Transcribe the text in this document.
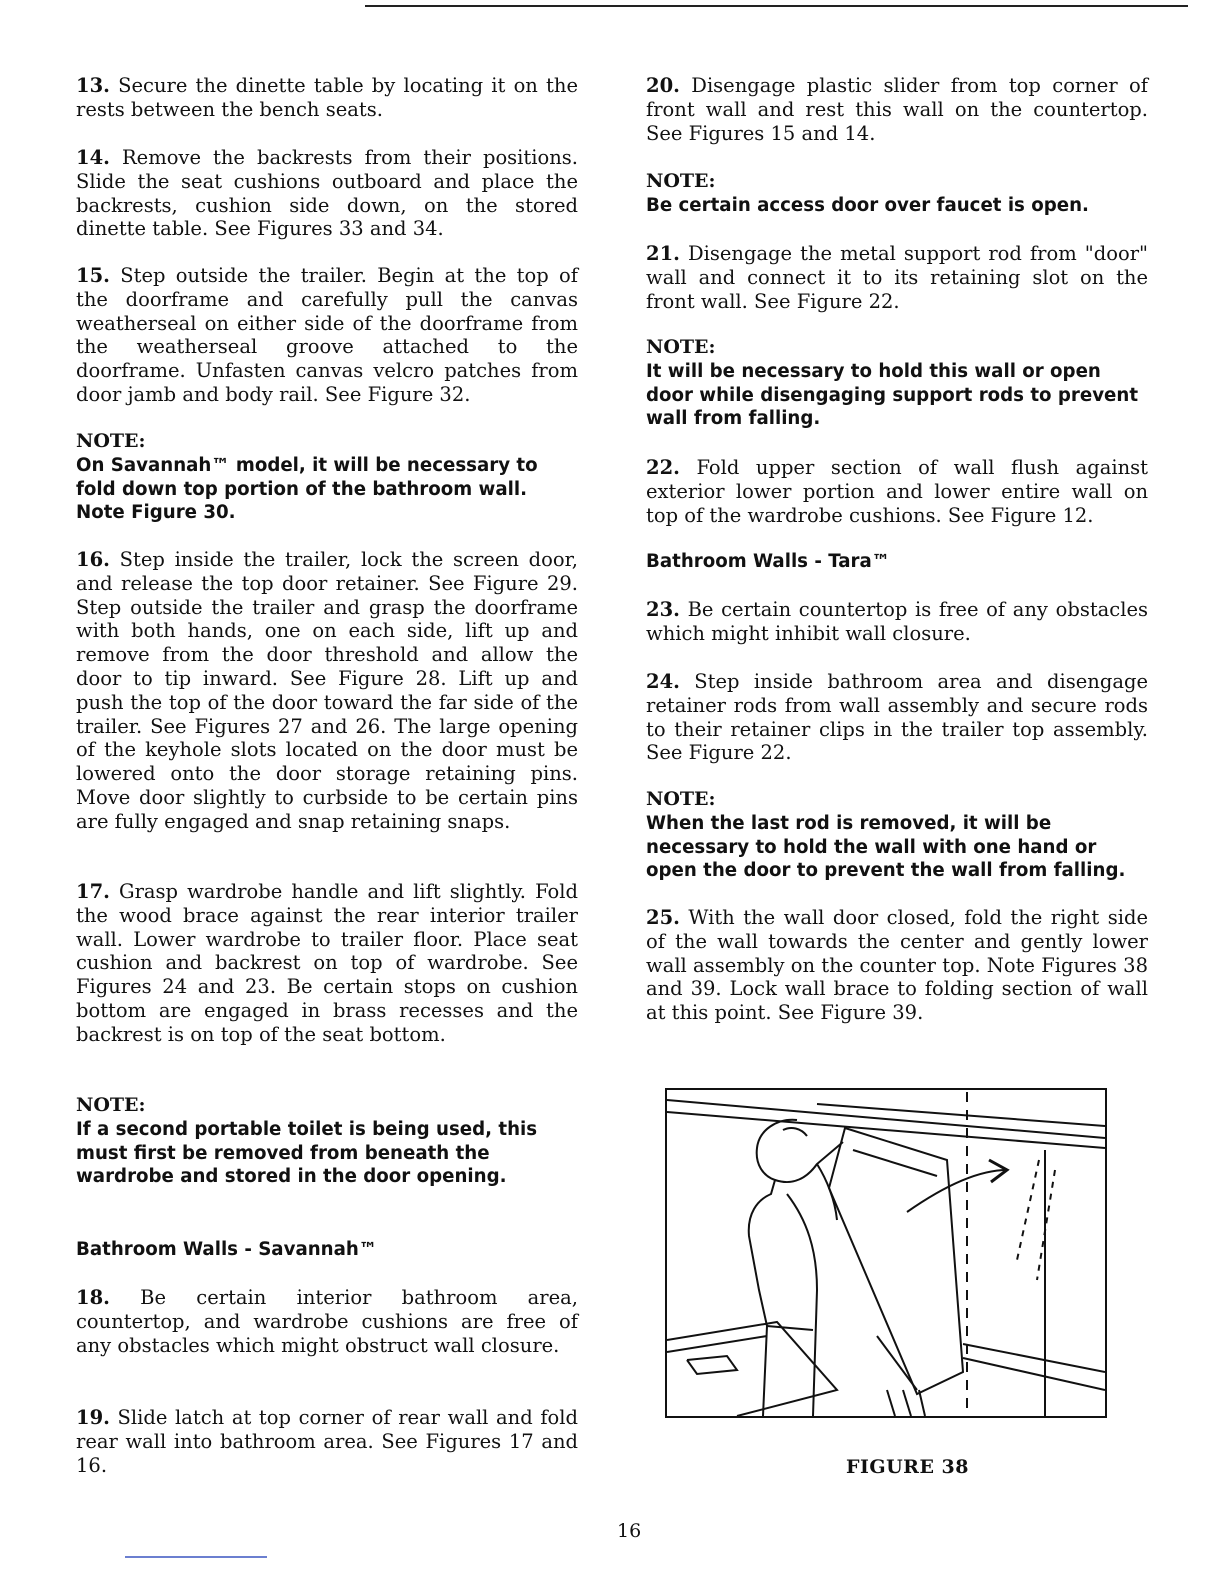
13. Secure the dinette table by locating it on the rests between the bench seats.

14. Remove the backrests from their positions. Slide the seat cushions outboard and place the backrests, cushion side down, on the stored dinette table. See Figures 33 and 34.

15. Step outside the trailer. Begin at the top of the doorframe and carefully pull the canvas weatherseal on either side of the doorframe from the weatherseal groove attached to the doorframe. Unfasten canvas velcro patches from door jamb and body rail. See Figure 32.

NOTE:

On Savannah™ model, it will be necessary to fold down top portion of the bathroom wall. Note Figure 30.

16. Step inside the trailer, lock the screen door, and release the top door retainer. See Figure 29. Step outside the trailer and grasp the doorframe with both hands, one on each side, lift up and remove from the door threshold and allow the door to tip inward. See Figure 28. Lift up and push the top of the door toward the far side of the trailer. See Figures 27 and 26. The large opening of the keyhole slots located on the door must be lowered onto the door storage retaining pins. Move door slightly to curbside to be certain pins are fully engaged and snap retaining snaps.

17. Grasp wardrobe handle and lift slightly. Fold the wood brace against the rear interior trailer wall. Lower wardrobe to trailer floor. Place seat cushion and backrest on top of wardrobe. See Figures 24 and 23. Be certain stops on cushion bottom are engaged in brass recesses and the backrest is on top of the seat bottom.

NOTE:

If a second portable toilet is being used, this must first be removed from beneath the wardrobe and stored in the door opening.

Bathroom Walls - Savannah™

18. Be certain interior bathroom area, countertop, and wardrobe cushions are free of any obstacles which might obstruct wall closure.

19. Slide latch at top corner of rear wall and fold rear wall into bathroom area. See Figures 17 and 16.

20. Disengage plastic slider from top corner of front wall and rest this wall on the countertop. See Figures 15 and 14.

NOTE:

Be certain access door over faucet is open.

21. Disengage the metal support rod from "door" wall and connect it to its retaining slot on the front wall. See Figure 22.

NOTE:

It will be necessary to hold this wall or open door while disengaging support rods to prevent wall from falling.

22. Fold upper section of wall flush against exterior lower portion and lower entire wall on top of the wardrobe cushions. See Figure 12.

Bathroom Walls - Tara™

23. Be certain countertop is free of any obstacles which might inhibit wall closure.

24. Step inside bathroom area and disengage retainer rods from wall assembly and secure rods to their retainer clips in the trailer top assembly. See Figure 22.

NOTE:

When the last rod is removed, it will be necessary to hold the wall with one hand or open the door to prevent the wall from falling.

25. With the wall door closed, fold the right side of the wall towards the center and gently lower wall assembly on the counter top. Note Figures 38 and 39. Lock wall brace to folding section of wall at this point. See Figure 39.

FIGURE 38
16
